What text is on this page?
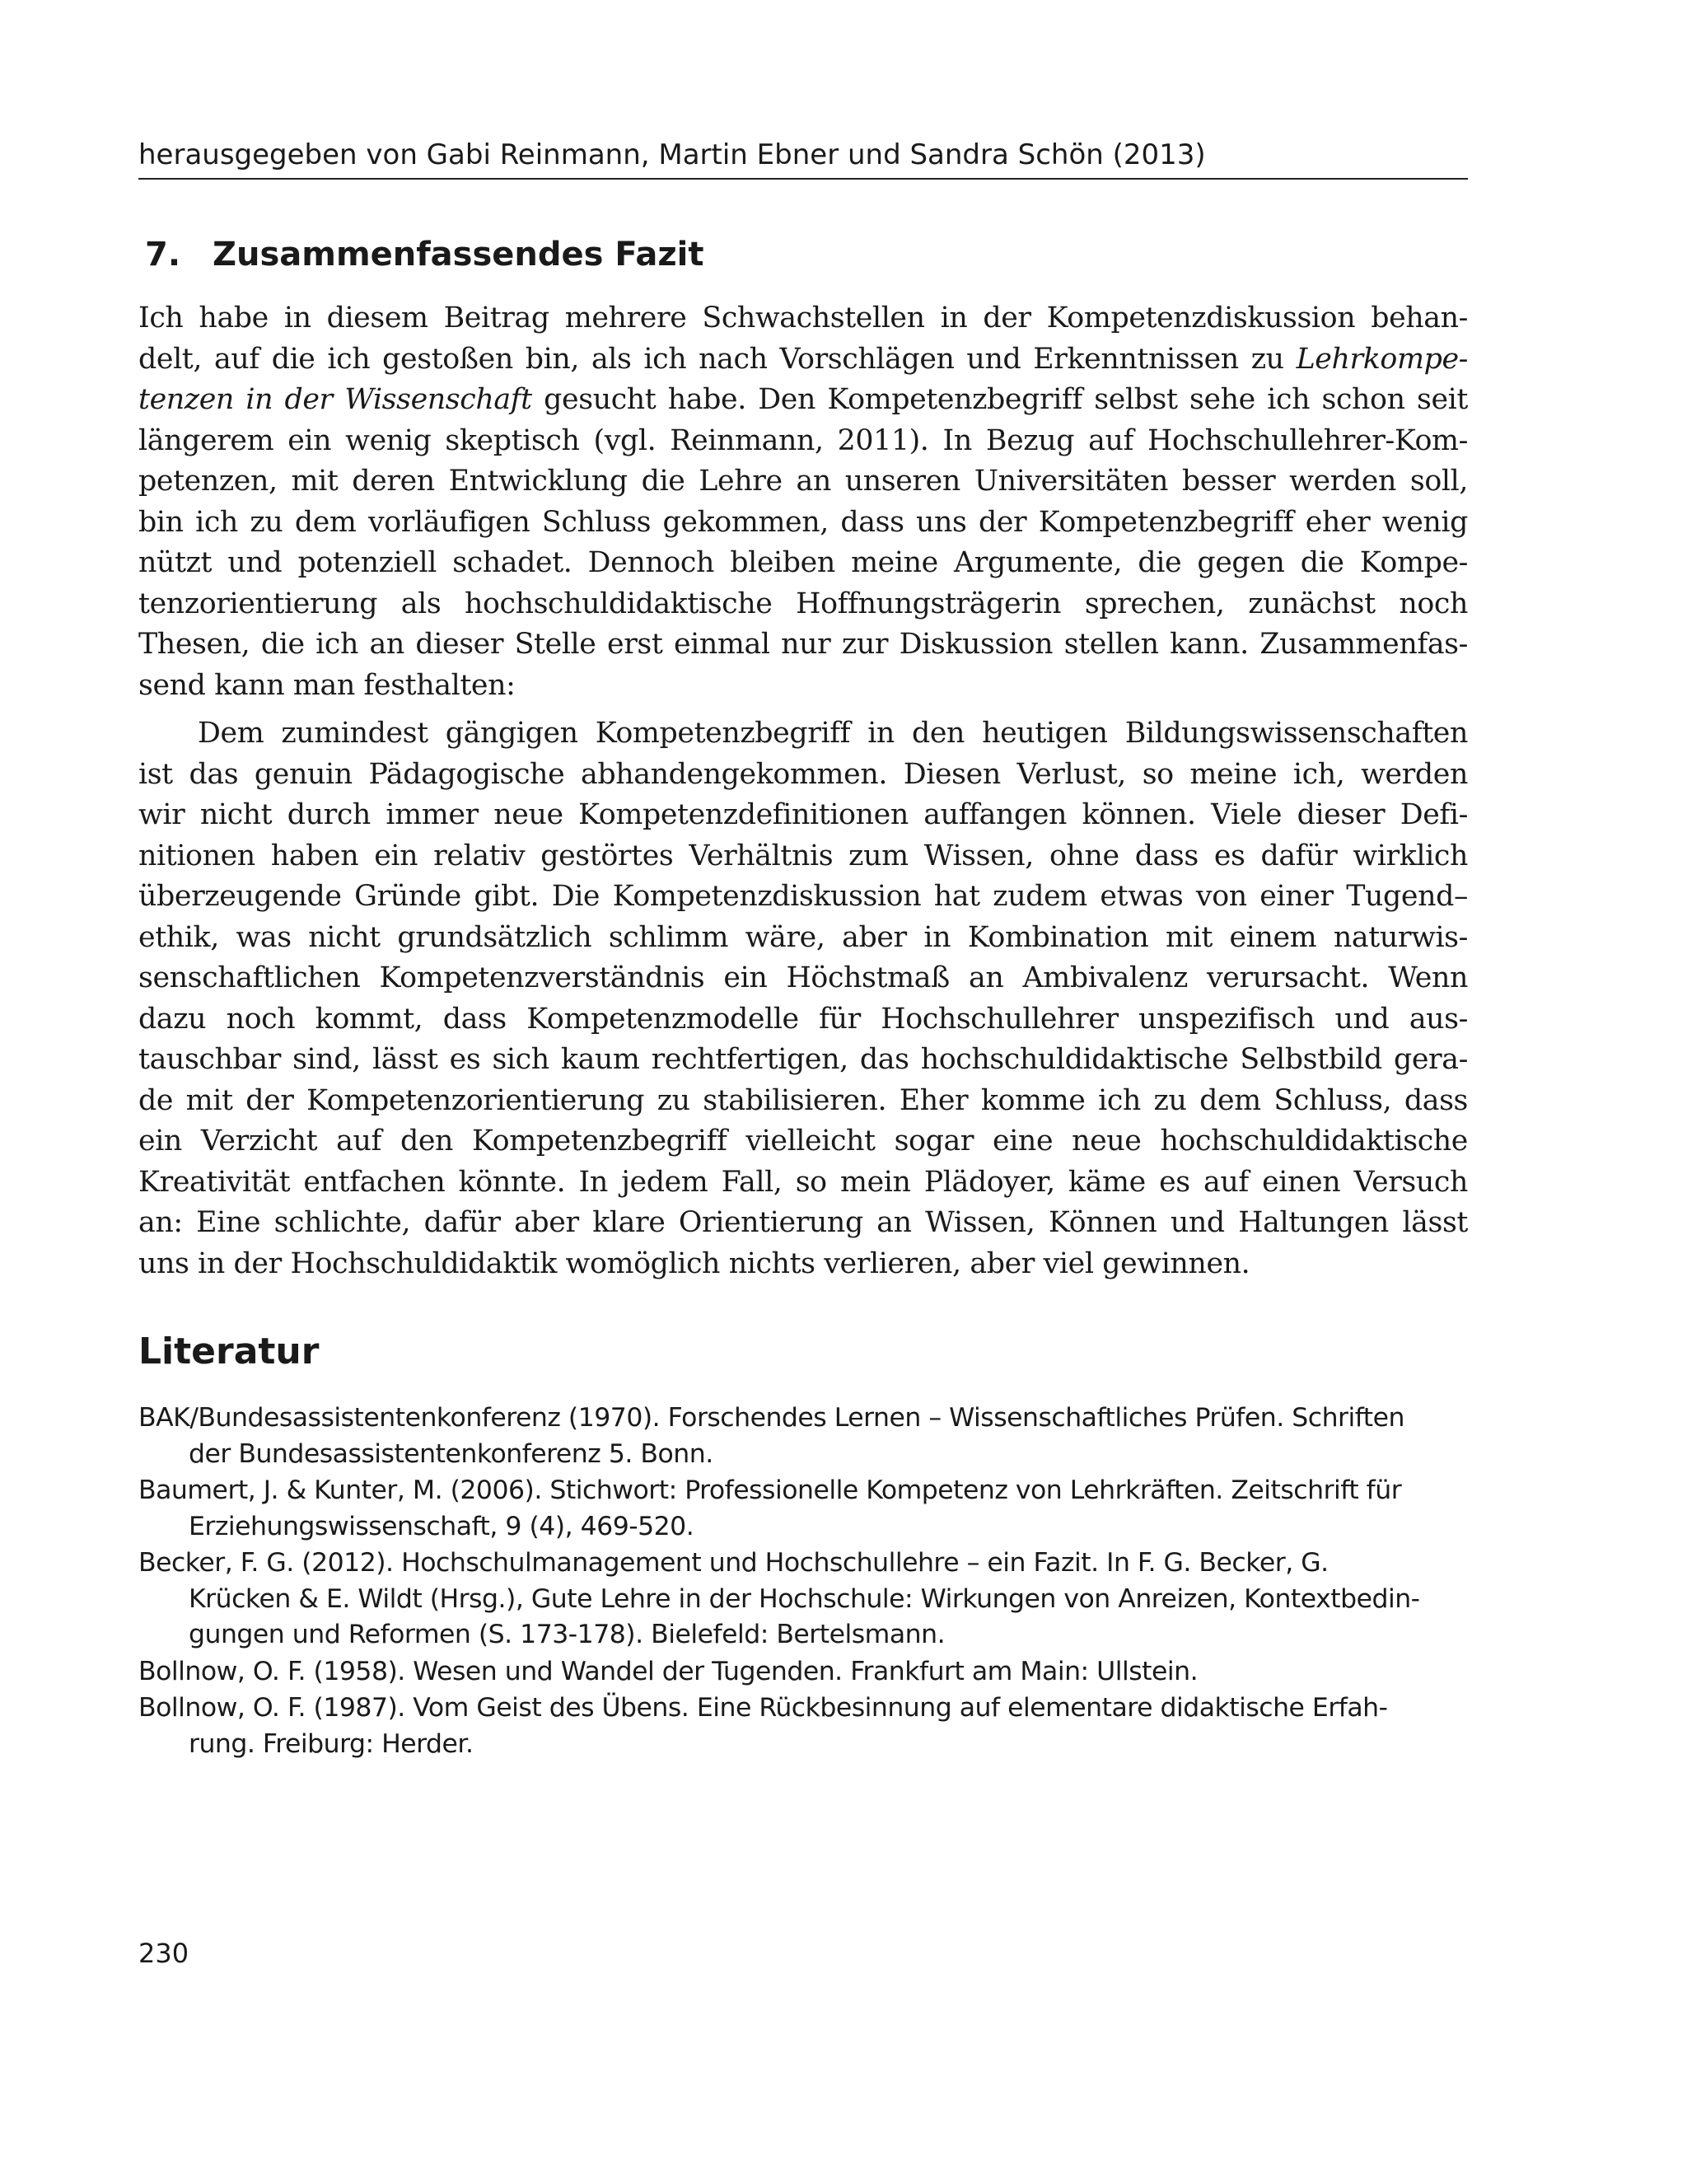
herausgegeben von Gabi Reinmann, Martin Ebner und Sandra Schön (2013)
7. Zusammenfassendes Fazit

Ich habe in diesem Beitrag mehrere Schwachstellen in der Kompetenzdiskussion behan-
delt, auf die ich gestoßen bin, als ich nach Vorschlägen und Erkenntnissen zu Lehrkompe-
tenzen in der Wissenschaft gesucht habe. Den Kompetenzbegriff selbst sehe ich schon seit
längerem ein wenig skeptisch (vgl. Reinmann, 2011). In Bezug auf Hochschullehrer-Kom-
petenzen, mit deren Entwicklung die Lehre an unseren Universitäten besser werden soll,
bin ich zu dem vorläufigen Schluss gekommen, dass uns der Kompetenzbegriff eher wenig
nützt und potenziell schadet. Dennoch bleiben meine Argumente, die gegen die Kompe-
tenzorientierung als hochschuldidaktische Hoffnungsträgerin sprechen, zunächst noch
Thesen, die ich an dieser Stelle erst einmal nur zur Diskussion stellen kann. Zusammenfas-
send kann man festhalten:

Dem zumindest gängigen Kompetenzbegriff in den heutigen Bildungswissenschaften
ist das genuin Pädagogische abhandengekommen. Diesen Verlust, so meine ich, werden
wir nicht durch immer neue Kompetenzdefinitionen auffangen können. Viele dieser Defi-
nitionen haben ein relativ gestörtes Verhältnis zum Wissen, ohne dass es dafür wirklich
überzeugende Gründe gibt. Die Kompetenzdiskussion hat zudem etwas von einer Tugend–
ethik, was nicht grundsätzlich schlimm wäre, aber in Kombination mit einem naturwis-
senschaftlichen Kompetenzverständnis ein Höchstmaß an Ambivalenz verursacht. Wenn
dazu noch kommt, dass Kompetenzmodelle für Hochschullehrer unspezifisch und aus-
tauschbar sind, lässt es sich kaum rechtfertigen, das hochschuldidaktische Selbstbild gera-
de mit der Kompetenzorientierung zu stabilisieren. Eher komme ich zu dem Schluss, dass
ein Verzicht auf den Kompetenzbegriff vielleicht sogar eine neue hochschuldidaktische
Kreativität entfachen könnte. In jedem Fall, so mein Plädoyer, käme es auf einen Versuch
an: Eine schlichte, dafür aber klare Orientierung an Wissen, Können und Haltungen lässt
uns in der Hochschuldidaktik womöglich nichts verlieren, aber viel gewinnen.

Literatur
BAK/Bundesassistentenkonferenz (1970). Forschendes Lernen – Wissenschaftliches Prüfen. Schriften
der Bundesassistentenkonferenz 5. Bonn.
Baumert, J. & Kunter, M. (2006). Stichwort: Professionelle Kompetenz von Lehrkräften. Zeitschrift für
Erziehungswissenschaft, 9 (4), 469-520.
Becker, F. G. (2012). Hochschulmanagement und Hochschullehre – ein Fazit. In F. G. Becker, G.
Krücken & E. Wildt (Hrsg.), Gute Lehre in der Hochschule: Wirkungen von Anreizen, Kontextbedin-
gungen und Reformen (S. 173-178). Bielefeld: Bertelsmann.
Bollnow, O. F. (1958). Wesen und Wandel der Tugenden. Frankfurt am Main: Ullstein.
Bollnow, O. F. (1987). Vom Geist des Übens. Eine Rückbesinnung auf elementare didaktische Erfah-
rung. Freiburg: Herder.
230
